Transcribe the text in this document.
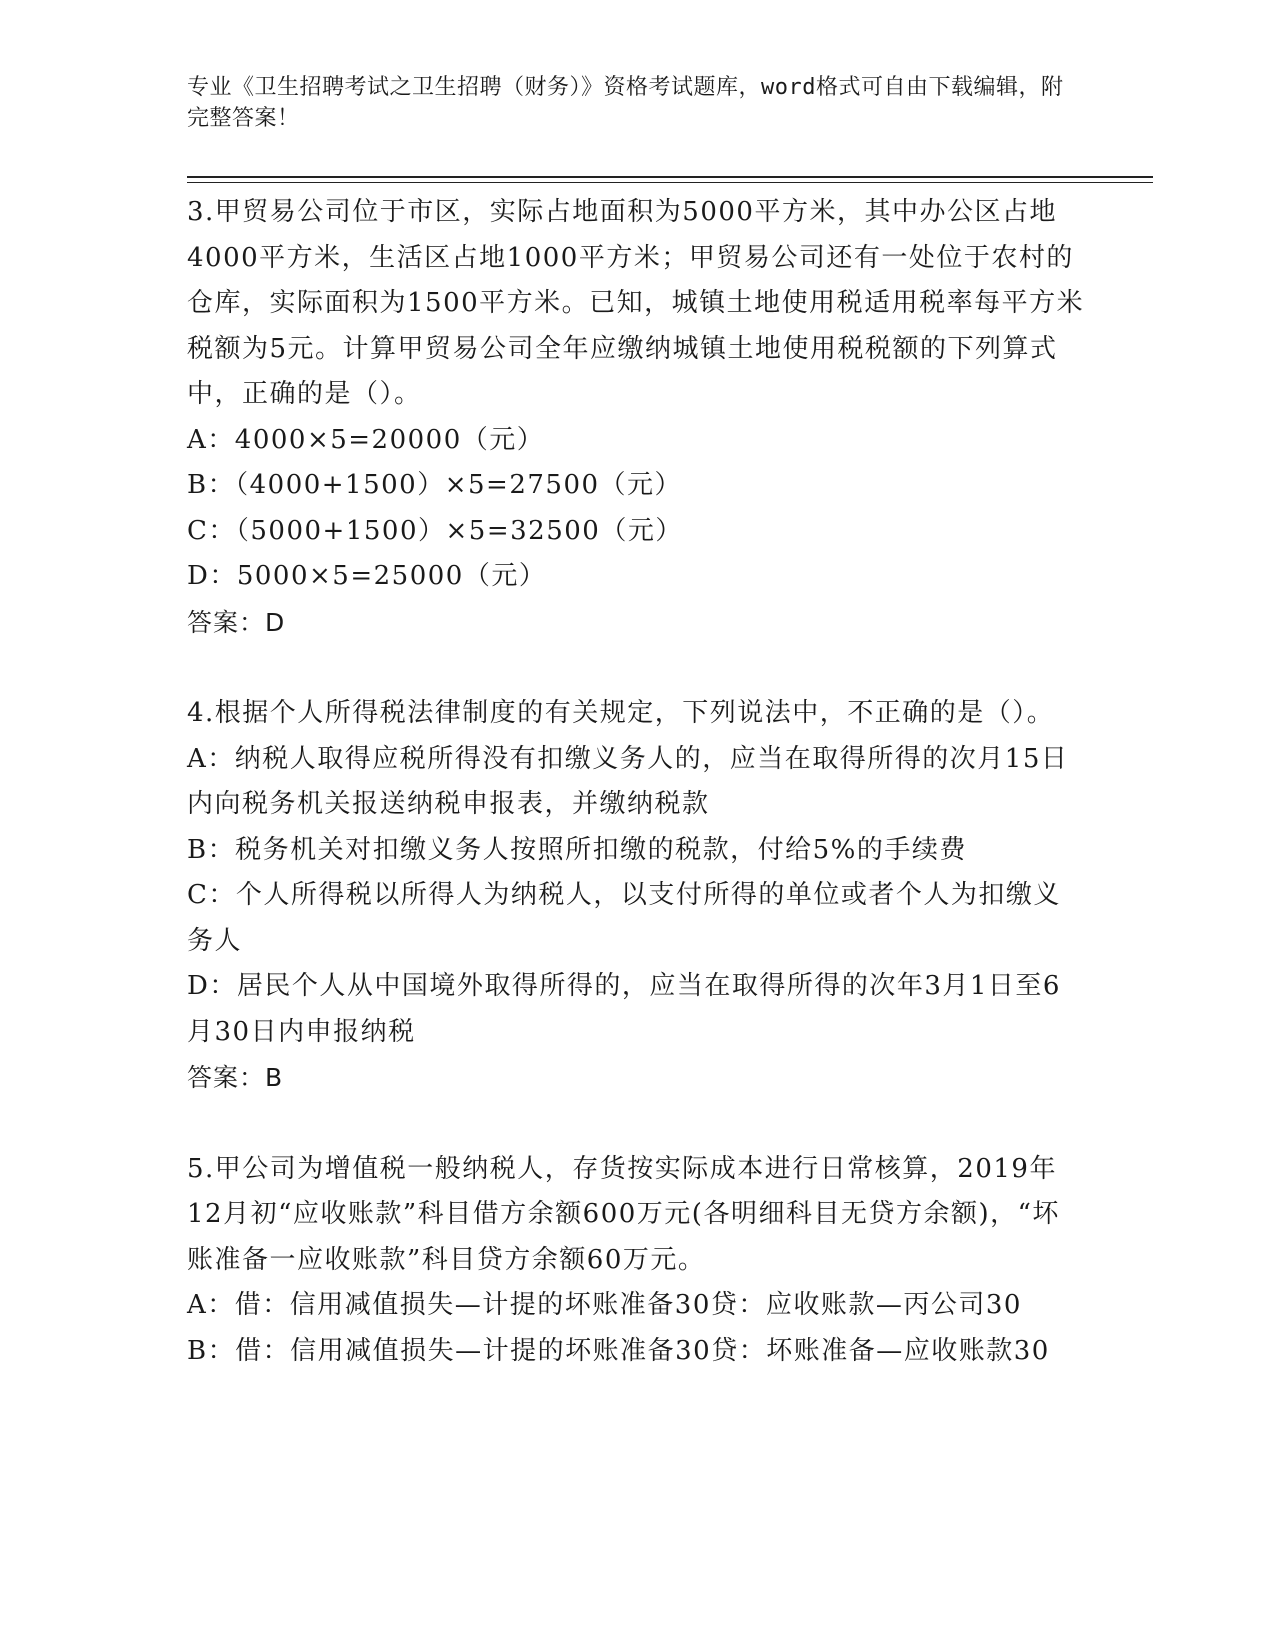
专业《卫生招聘考试之卫生招聘（财务）》资格考试题库，word格式可自由下载编辑，附完整答案！

3.甲贸易公司位于市区，实际占地面积为5000平方米，其中办公区占地4000平方米，生活区占地1000平方米；甲贸易公司还有一处位于农村的仓库，实际面积为1500平方米。已知，城镇土地使用税适用税率每平方米税额为5元。计算甲贸易公司全年应缴纳城镇土地使用税税额的下列算式中，正确的是（）。

A：4000×5=20000（元）

B：（4000+1500）×5=27500（元）

C：（5000+1500）×5=32500（元）

D：5000×5=25000（元）

答案：D

4.根据个人所得税法律制度的有关规定，下列说法中，不正确的是（）。

A：纳税人取得应税所得没有扣缴义务人的，应当在取得所得的次月15日内向税务机关报送纳税申报表，并缴纳税款

B：税务机关对扣缴义务人按照所扣缴的税款，付给5%的手续费

C：个人所得税以所得人为纳税人，以支付所得的单位或者个人为扣缴义务人

D：居民个人从中国境外取得所得的，应当在取得所得的次年3月1日至6月30日内申报纳税

答案：B

5.甲公司为增值税一般纳税人，存货按实际成本进行日常核算，2019年12月初“应收账款”科目借方余额600万元(各明细科目无贷方余额)，“坏账准备一应收账款”科目贷方余额60万元。

A：借：信用减值损失—计提的坏账准备30贷：应收账款—丙公司30

B：借：信用减值损失—计提的坏账准备30贷：坏账准备—应收账款30
